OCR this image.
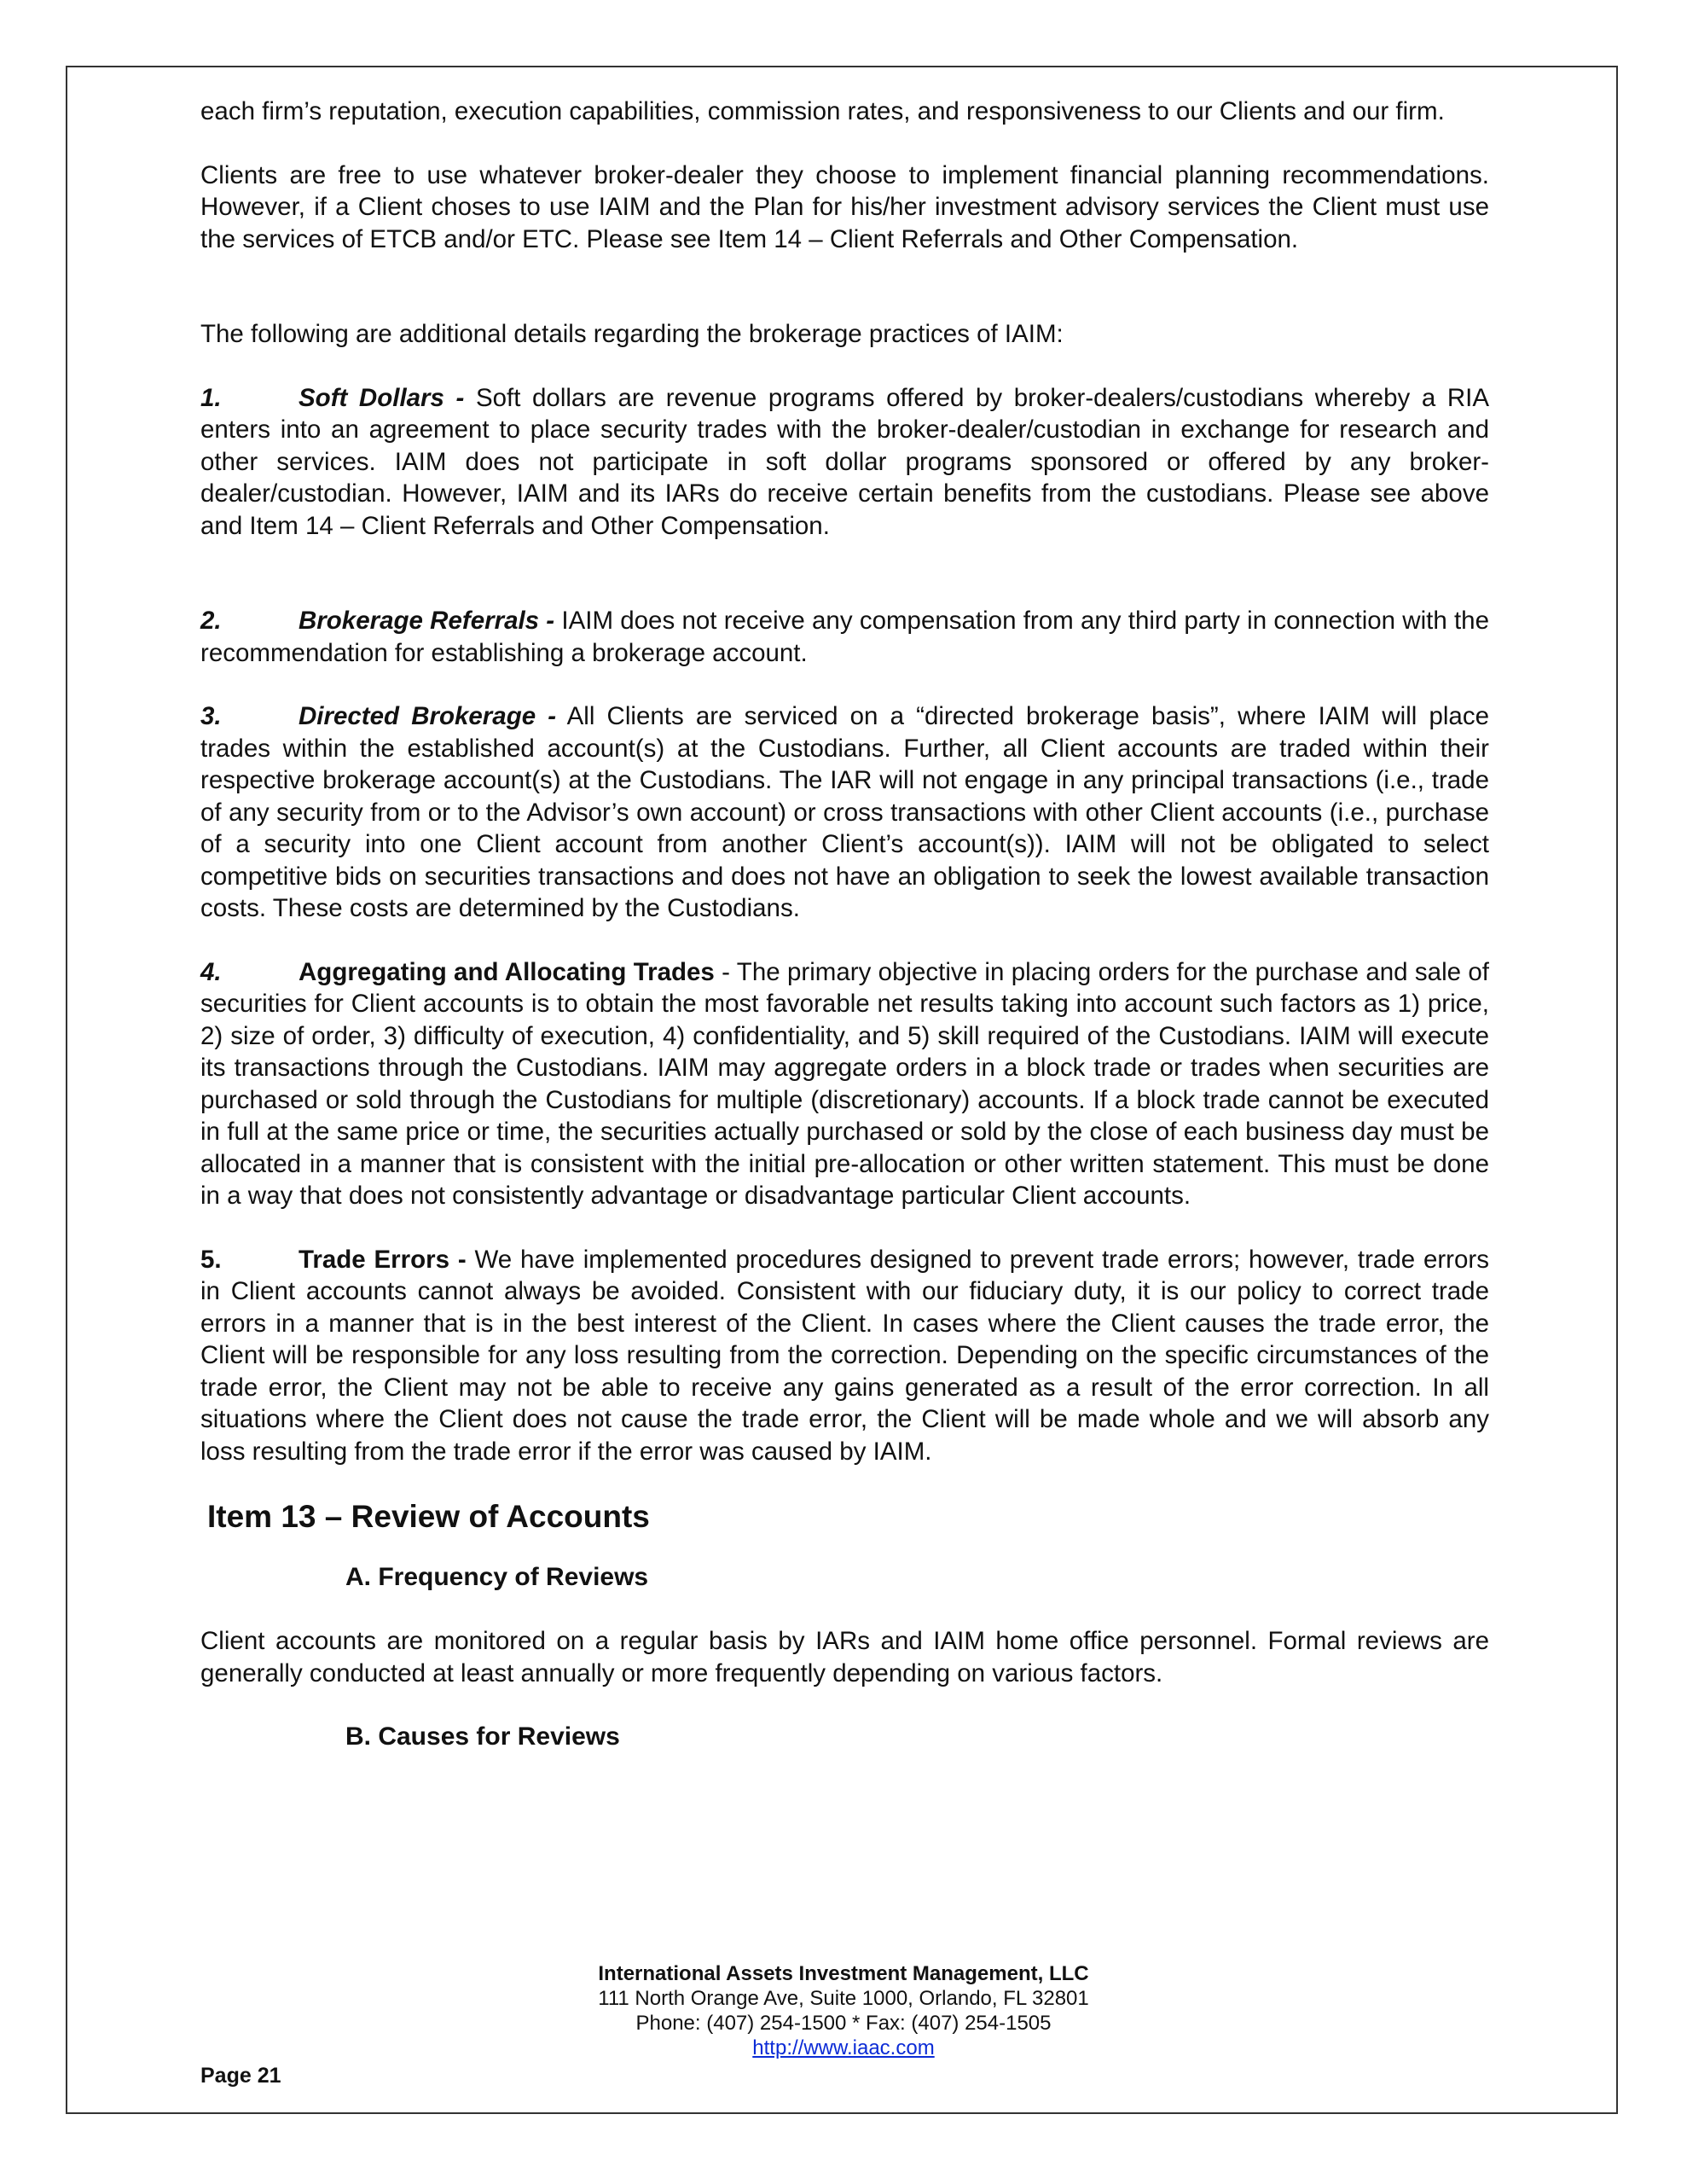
each firm’s reputation, execution capabilities, commission rates, and responsiveness to our Clients and our firm.

Clients are free to use whatever broker-dealer they choose to implement financial planning recommendations. However, if a Client choses to use IAIM and the Plan for his/her investment advisory services the Client must use the services of ETCB and/or ETC. Please see Item 14 – Client Referrals and Other Compensation.

The following are additional details regarding the brokerage practices of IAIM:

1.	Soft Dollars - Soft dollars are revenue programs offered by broker-dealers/custodians whereby a RIA enters into an agreement to place security trades with the broker-dealer/custodian in exchange for research and other services. IAIM does not participate in soft dollar programs sponsored or offered by any broker-dealer/custodian. However, IAIM and its IARs do receive certain benefits from the custodians. Please see above and Item 14 – Client Referrals and Other Compensation.

2.	Brokerage Referrals - IAIM does not receive any compensation from any third party in connection with the recommendation for establishing a brokerage account.

3.	Directed Brokerage - All Clients are serviced on a “directed brokerage basis”, where IAIM will place trades within the established account(s) at the Custodians. Further, all Client accounts are traded within their respective brokerage account(s) at the Custodians. The IAR will not engage in any principal transactions (i.e., trade of any security from or to the Advisor’s own account) or cross transactions with other Client accounts (i.e., purchase of a security into one Client account from another Client’s account(s)). IAIM will not be obligated to select competitive bids on securities transactions and does not have an obligation to seek the lowest available transaction costs. These costs are determined by the Custodians.

4.	Aggregating and Allocating Trades - The primary objective in placing orders for the purchase and sale of securities for Client accounts is to obtain the most favorable net results taking into account such factors as 1) price, 2) size of order, 3) difficulty of execution, 4) confidentiality, and 5) skill required of the Custodians. IAIM will execute its transactions through the Custodians. IAIM may aggregate orders in a block trade or trades when securities are purchased or sold through the Custodians for multiple (discretionary) accounts. If a block trade cannot be executed in full at the same price or time, the securities actually purchased or sold by the close of each business day must be allocated in a manner that is consistent with the initial pre-allocation or other written statement. This must be done in a way that does not consistently advantage or disadvantage particular Client accounts.

5.	Trade Errors - We have implemented procedures designed to prevent trade errors; however, trade errors in Client accounts cannot always be avoided. Consistent with our fiduciary duty, it is our policy to correct trade errors in a manner that is in the best interest of the Client. In cases where the Client causes the trade error, the Client will be responsible for any loss resulting from the correction. Depending on the specific circumstances of the trade error, the Client may not be able to receive any gains generated as a result of the error correction. In all situations where the Client does not cause the trade error, the Client will be made whole and we will absorb any loss resulting from the trade error if the error was caused by IAIM.

Item 13 – Review of Accounts
A. Frequency of Reviews

Client accounts are monitored on a regular basis by IARs and IAIM home office personnel. Formal reviews are generally conducted at least annually or more frequently depending on various factors.

B. Causes for Reviews
International Assets Investment Management, LLC
111 North Orange Ave, Suite 1000, Orlando, FL 32801
Phone: (407) 254-1500 * Fax: (407) 254-1505
http://www.iaac.com
Page 21
